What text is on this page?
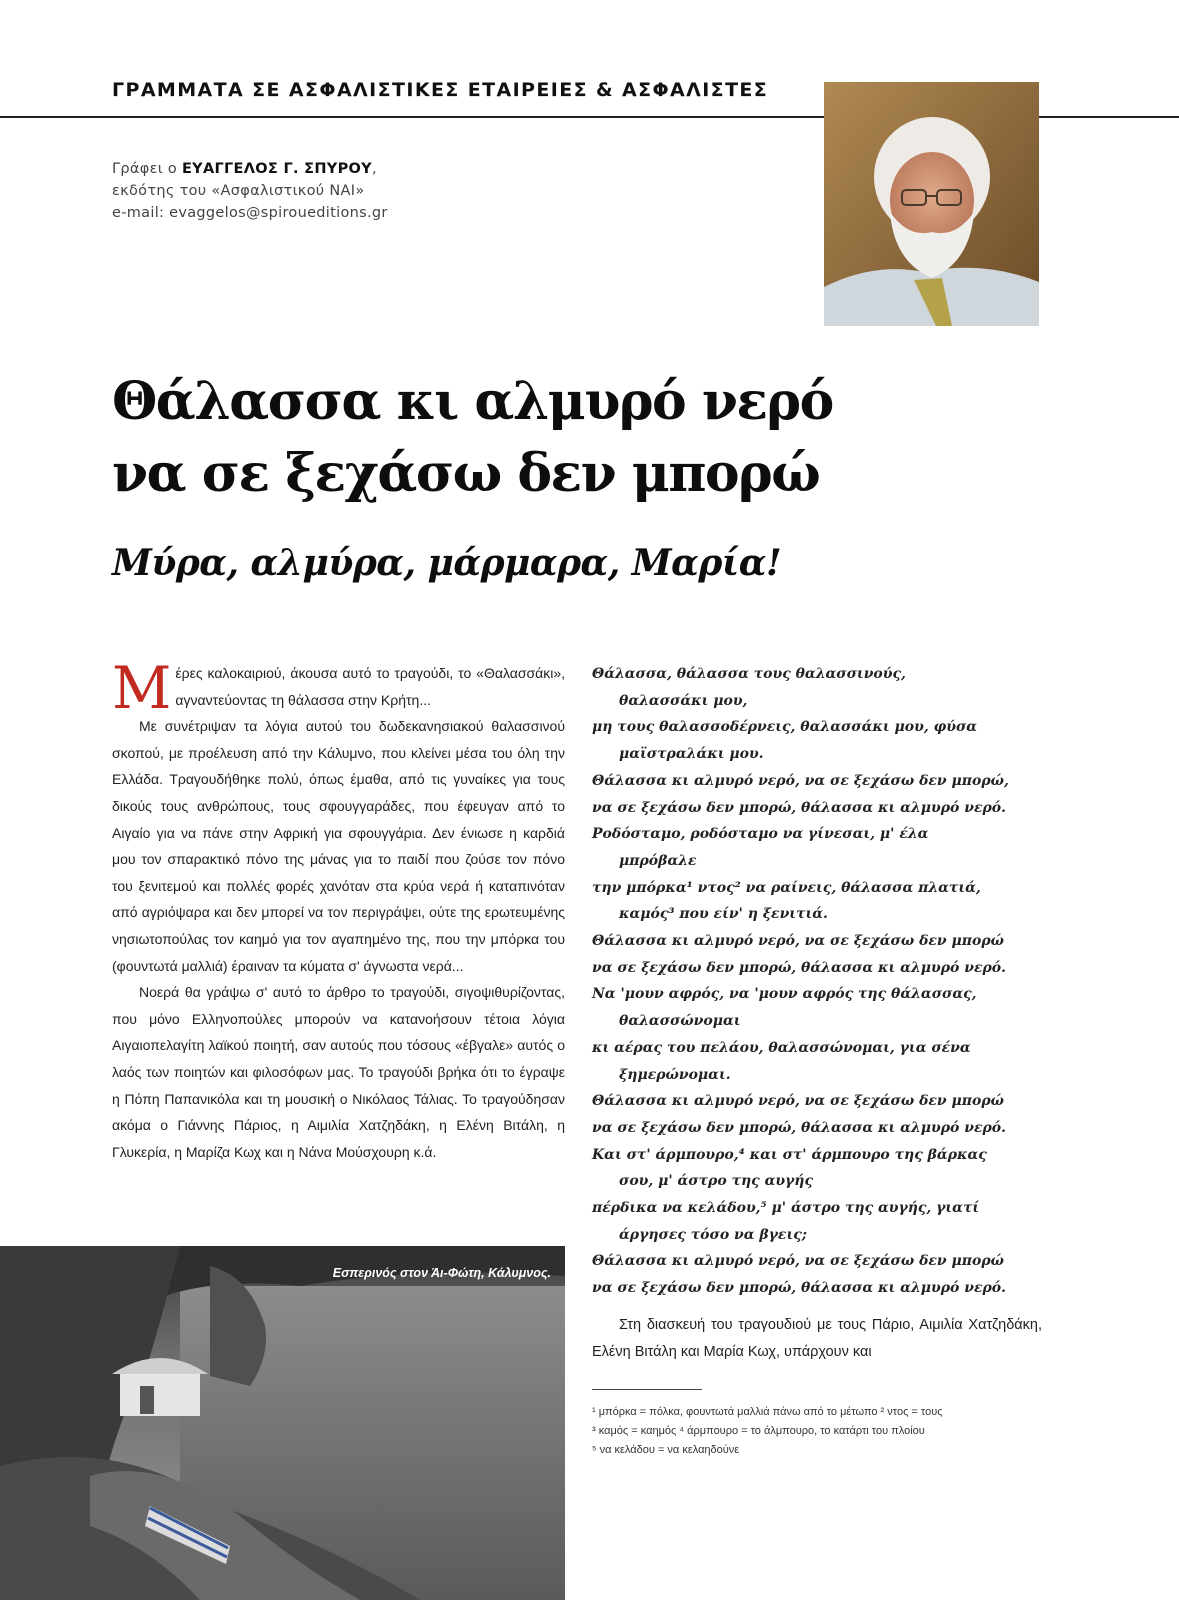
ΓΡΑΜΜΑΤΑ ΣΕ ΑΣΦΑΛΙΣΤΙΚΕΣ ΕΤΑΙΡΕΙΕΣ & ΑΣΦΑΛΙΣΤΕΣ
Γράφει ο ΕΥΑΓΓΕΛΟΣ Γ. ΣΠΥΡΟΥ,
εκδότης του «Ασφαλιστικού ΝΑΙ»
e-mail: evaggelos@spiroueditions.gr
Θάλασσα κι αλμυρό νερό
να σε ξεχάσω δεν μπορώ
Μύρα, αλμύρα, μάρμαρα, Μαρία!

Μέρες καλοκαιριού, άκουσα αυτό το τραγούδι, το «Θαλασσάκι», αγναντεύοντας τη θάλασσα στην Κρήτη...

Με συνέτριψαν τα λόγια αυτού του δωδεκανησιακού θαλασσινού σκοπού, με προέλευση από την Κάλυμνο, που κλείνει μέσα του όλη την Ελλάδα. Τραγουδήθηκε πολύ, όπως έμαθα, από τις γυναίκες για τους δικούς τους ανθρώπους, τους σφουγγαράδες, που έφευγαν από το Αιγαίο για να πάνε στην Αφρική για σφουγγάρια. Δεν ένιωσε η καρδιά μου τον σπαρακτικό πόνο της μάνας για το παιδί που ζούσε τον πόνο του ξενιτεμού και πολλές φορές χανόταν στα κρύα νερά ή καταπινόταν από αγριόψαρα και δεν μπορεί να τον περιγράψει, ούτε της ερωτευμένης νησιωτοπούλας τον καημό για τον αγαπημένο της, που την μπόρκα του (φουντωτά μαλλιά) έραιναν τα κύματα σ' άγνωστα νερά...

Νοερά θα γράψω σ' αυτό το άρθρο το τραγούδι, σιγοψιθυρίζοντας, που μόνο Ελληνοπούλες μπορούν να κατανοήσουν τέτοια λόγια Αιγαιοπελαγίτη λαϊκού ποιητή, σαν αυτούς που τόσους «έβγαλε» αυτός ο λαός των ποιητών και φιλοσόφων μας. Το τραγούδι βρήκα ότι το έγραψε η Πόπη Παπανικόλα και τη μουσική ο Νικόλαος Τάλιας. Το τραγούδησαν ακόμα ο Γιάννης Πάριος, η Αιμιλία Χατζηδάκη, η Ελένη Βιτάλη, η Γλυκερία, η Μαρίζα Κωχ και η Νάνα Μούσχουρη κ.ά.

Θάλασσα, θάλασσα τους θαλασσινούς,
θαλασσάκι μου,
μη τους θαλασσοδέρνεις, θαλασσάκι μου, φύσα
μαϊστραλάκι μου.
Θάλασσα κι αλμυρό νερό, να σε ξεχάσω δεν μπορώ,
να σε ξεχάσω δεν μπορώ, θάλασσα κι αλμυρό νερό.
Ροδόσταμο, ροδόσταμο να γίνεσαι, μ' έλα
μπρόβαλε
την μπόρκα¹ ντος² να ραίνεις, θάλασσα πλατιά,
καμός³ που είν' η ξενιτιά.
Θάλασσα κι αλμυρό νερό, να σε ξεχάσω δεν μπορώ
να σε ξεχάσω δεν μπορώ, θάλασσα κι αλμυρό νερό.
Να 'μουν αφρός, να 'μουν αφρός της θάλασσας,
θαλασσώνομαι
κι αέρας του πελάου, θαλασσώνομαι, για σένα
ξημερώνομαι.
Θάλασσα κι αλμυρό νερό, να σε ξεχάσω δεν μπορώ
να σε ξεχάσω δεν μπορώ, θάλασσα κι αλμυρό νερό.
Και στ' άρμπουρο,⁴ και στ' άρμπουρο της βάρκας
σου, μ' άστρο της αυγής
πέρδικα να κελάδου,⁵ μ' άστρο της αυγής, γιατί
άργησες τόσο να βγεις;
Θάλασσα κι αλμυρό νερό, να σε ξεχάσω δεν μπορώ
να σε ξεχάσω δεν μπορώ, θάλασσα κι αλμυρό νερό.
Στη διασκευή του τραγουδιού με τους Πάριο, Αιμιλία Χατζηδάκη, Ελένη Βιτάλη και Μαρία Κωχ, υπάρχουν και
¹ μπόρκα = πόλκα, φουντωτά μαλλιά πάνω από το μέτωπο ² ντος = τους
³ καμός = καημός ⁴ άρμπουρο = το άλμπουρο, το κατάρτι του πλοίου
⁵ να κελάδου = να κελαηδούνε
Εσπερινός στον Άι-Φώτη, Κάλυμνος.
